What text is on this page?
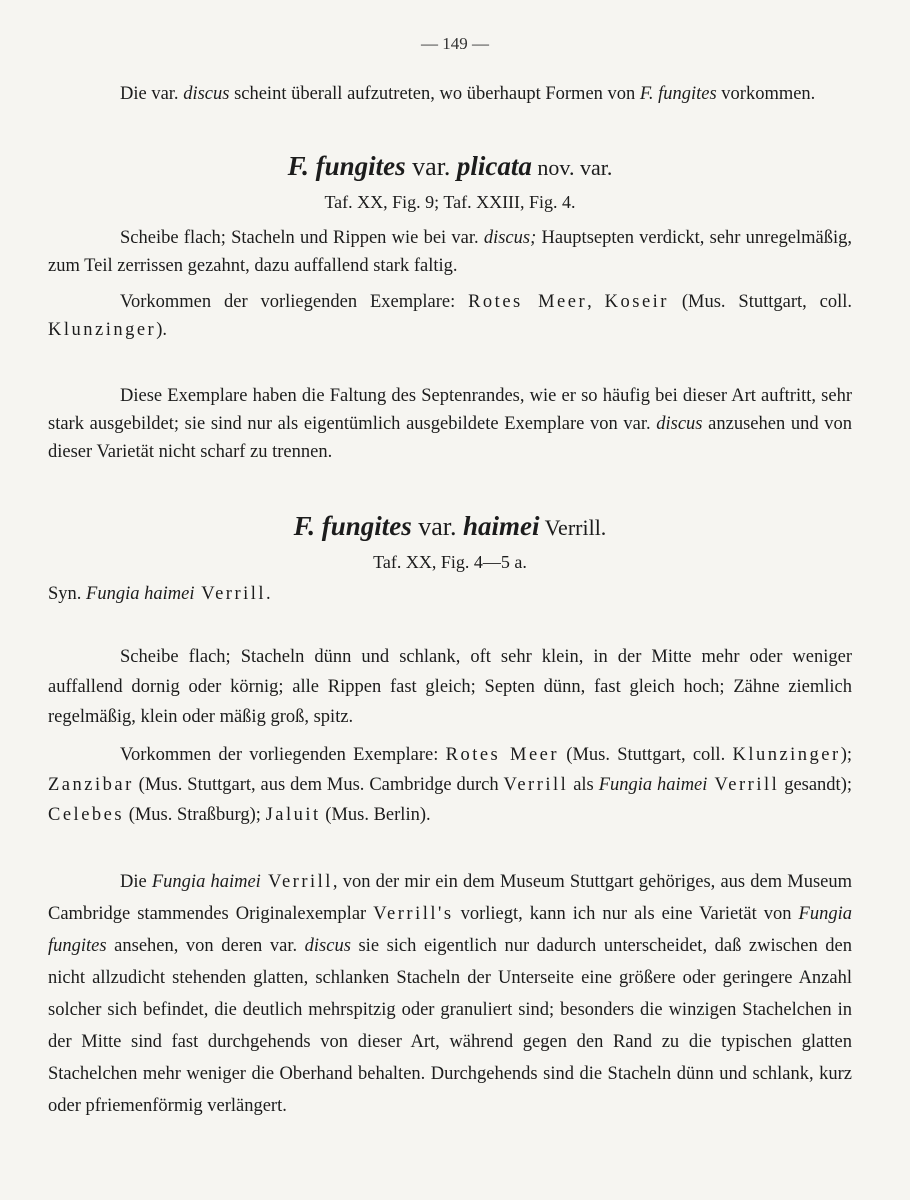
— 149 —
Die var. discus scheint überall aufzutreten, wo überhaupt Formen von F. fungites vorkommen.
F. fungites var. plicata nov. var.
Taf. XX, Fig. 9; Taf. XXIII, Fig. 4.
Scheibe flach; Stacheln und Rippen wie bei var. discus; Hauptsepten verdickt, sehr unregelmäßig, zum Teil zerrissen gezahnt, dazu auffallend stark faltig.
Vorkommen der vorliegenden Exemplare: Rotes Meer, Koseir (Mus. Stuttgart, coll. Klunzinger).
Diese Exemplare haben die Faltung des Septenrandes, wie er so häufig bei dieser Art auftritt, sehr stark ausgebildet; sie sind nur als eigentümlich ausgebildete Exemplare von var. discus anzusehen und von dieser Varietät nicht scharf zu trennen.
F. fungites var. haimei Verrill.
Taf. XX, Fig. 4—5 a.
Syn. Fungia haimei Verrill.
Scheibe flach; Stacheln dünn und schlank, oft sehr klein, in der Mitte mehr oder weniger auffallend dornig oder körnig; alle Rippen fast gleich; Septen dünn, fast gleich hoch; Zähne ziemlich regelmäßig, klein oder mäßig groß, spitz.
Vorkommen der vorliegenden Exemplare: Rotes Meer (Mus. Stuttgart, coll. Klunzinger); Zanzibar (Mus. Stuttgart, aus dem Mus. Cambridge durch Verrill als Fungia haimei Verrill gesandt); Celebes (Mus. Straßburg); Jaluit (Mus. Berlin).
Die Fungia haimei Verrill, von der mir ein dem Museum Stuttgart gehöriges, aus dem Museum Cambridge stammendes Originalexemplar Verrill's vorliegt, kann ich nur als eine Varietät von Fungia fungites ansehen, von deren var. discus sie sich eigentlich nur dadurch unterscheidet, daß zwischen den nicht allzudicht stehenden glatten, schlanken Stacheln der Unterseite eine größere oder geringere Anzahl solcher sich befindet, die deutlich mehrspitzig oder granuliert sind; besonders die winzigen Stachelchen in der Mitte sind fast durchgehends von dieser Art, während gegen den Rand zu die typischen glatten Stachelchen mehr weniger die Oberhand behalten. Durchgehends sind die Stacheln dünn und schlank, kurz oder pfriemenförmig verlängert.
